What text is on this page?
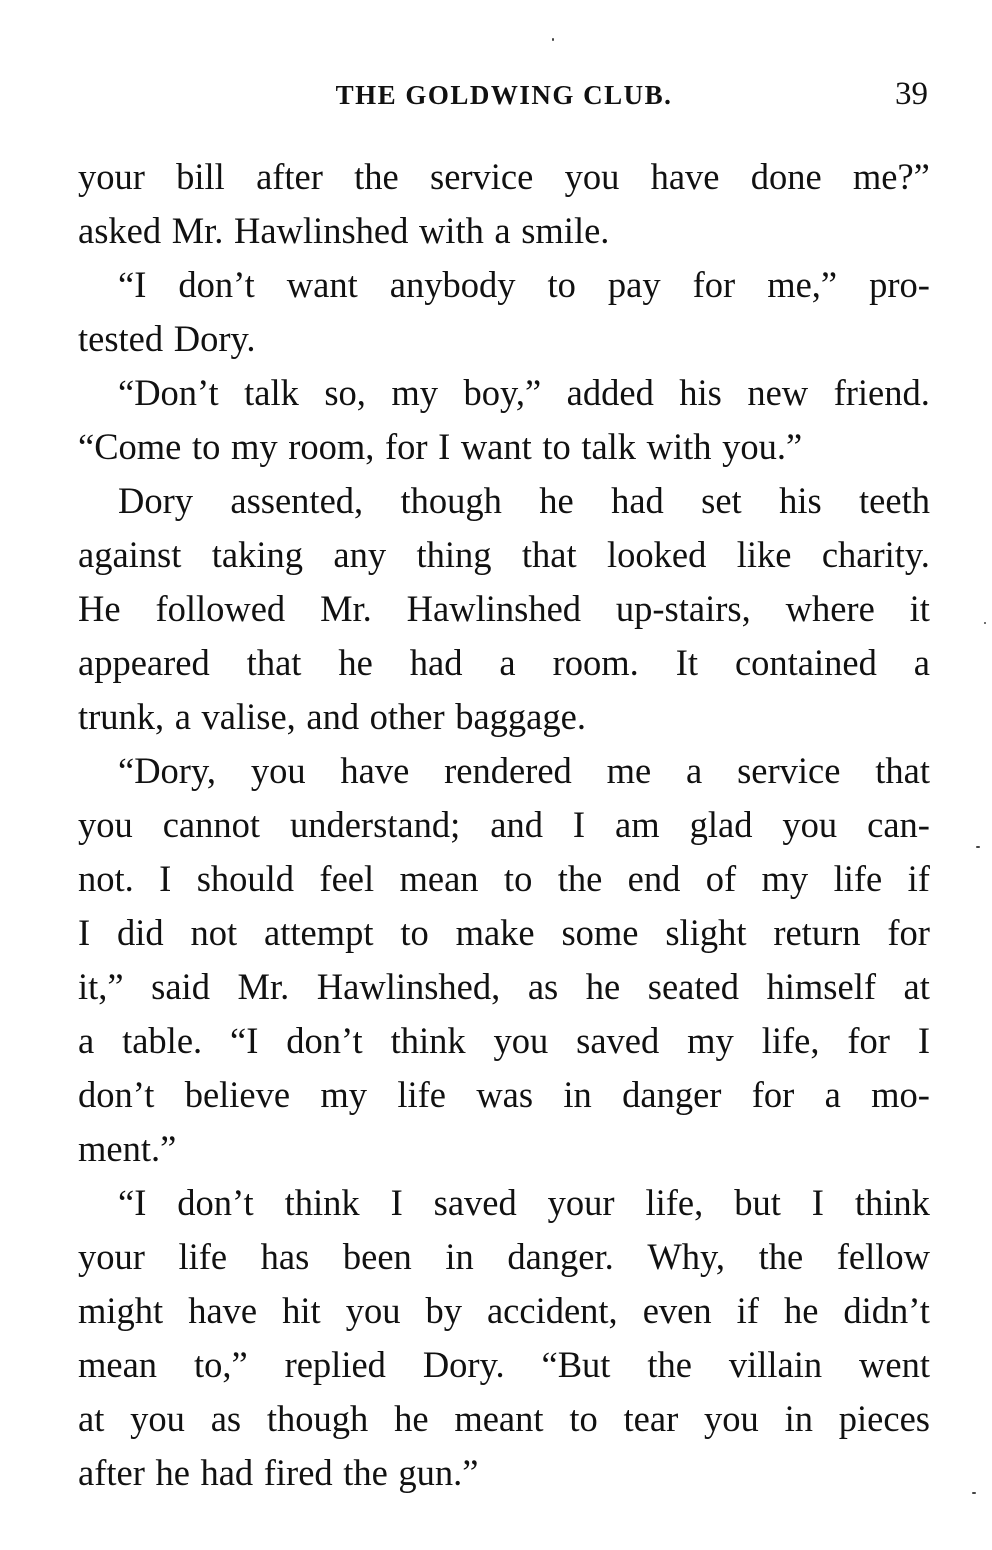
THE GOLDWING CLUB.	39
your bill after the service you have done me?”
asked Mr. Hawlinshed with a smile.
“I don’t want anybody to pay for me,” pro-
tested Dory.
“Don’t talk so, my boy,” added his new friend.
“Come to my room, for I want to talk with you.”
Dory assented, though he had set his teeth
against taking any thing that looked like charity.
He followed Mr. Hawlinshed up-stairs, where it
appeared that he had a room. It contained a
trunk, a valise, and other baggage.
“Dory, you have rendered me a service that
you cannot understand; and I am glad you can-
not. I should feel mean to the end of my life if
I did not attempt to make some slight return for
it,” said Mr. Hawlinshed, as he seated himself at
a table. “I don’t think you saved my life, for I
don’t believe my life was in danger for a mo-
ment.”
“I don’t think I saved your life, but I think
your life has been in danger. Why, the fellow
might have hit you by accident, even if he didn’t
mean to,” replied Dory. “But the villain went
at you as though he meant to tear you in pieces
after he had fired the gun.”
